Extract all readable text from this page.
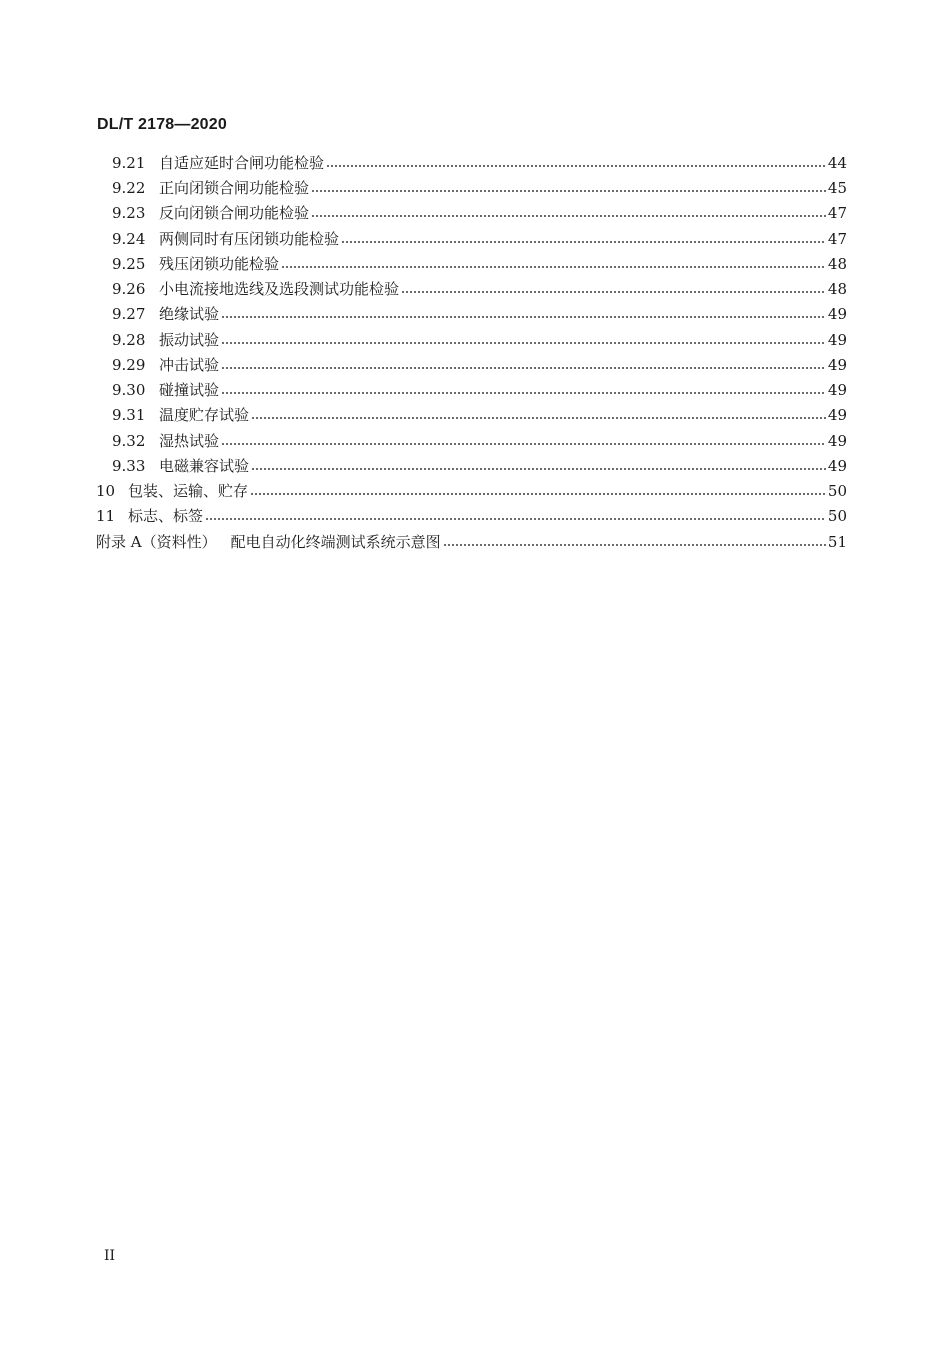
DL/T 2178—2020
9.21 自适应延时合闸功能检验	44
9.22 正向闭锁合闸功能检验	45
9.23 反向闭锁合闸功能检验	47
9.24 两侧同时有压闭锁功能检验	47
9.25 残压闭锁功能检验	48
9.26 小电流接地选线及选段测试功能检验	48
9.27 绝缘试验	49
9.28 振动试验	49
9.29 冲击试验	49
9.30 碰撞试验	49
9.31 温度贮存试验	49
9.32 湿热试验	49
9.33 电磁兼容试验	49
10 包装、运输、贮存	50
11 标志、标签	50
附录 A（资料性） 配电自动化终端测试系统示意图	51
II
